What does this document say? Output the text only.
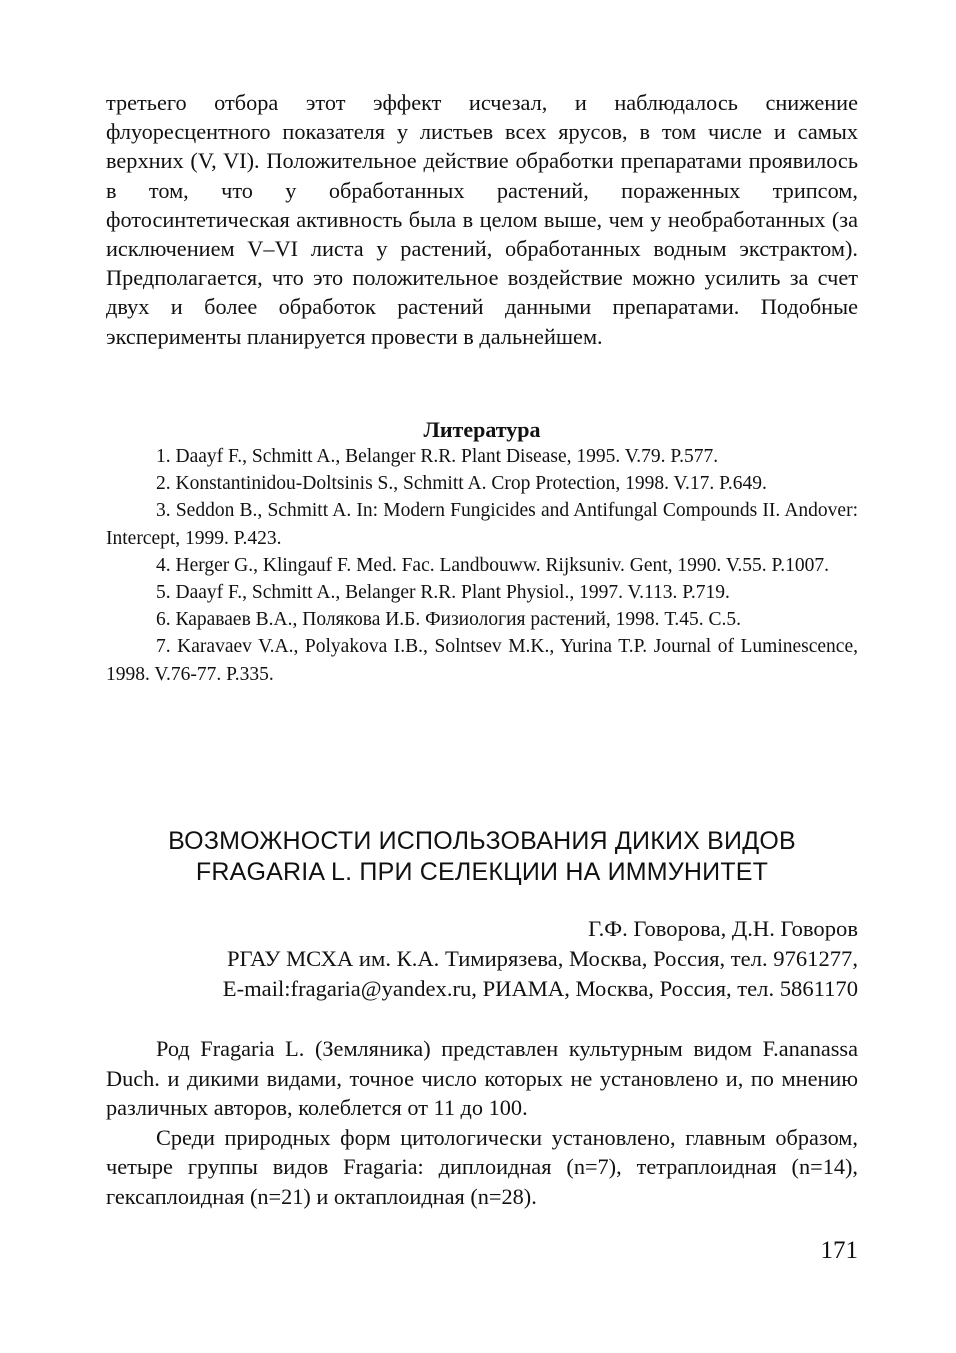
третьего отбора этот эффект исчезал, и наблюдалось снижение флуоресцентного показателя у листьев всех ярусов, в том числе и самых верхних (V, VI). Положительное действие обработки препаратами проявилось в том, что у обработанных растений, пораженных трипсом, фотосинтетическая активность была в целом выше, чем у необработанных (за исключением V–VI листа у растений, обработанных водным экстрактом). Предполагается, что это положительное воздействие можно усилить за счет двух и более обработок растений данными препаратами. Подобные эксперименты планируется провести в дальнейшем.

Литература

1. Daayf F., Schmitt A., Belanger R.R. Plant Disease, 1995. V.79. P.577.

2. Konstantinidou-Doltsinis S., Schmitt A. Crop Protection, 1998. V.17. P.649.

3. Seddon B., Schmitt A. In: Modern Fungicides and Antifungal Compounds II. Andover: Intercept, 1999. P.423.

4. Herger G., Klingauf F. Med. Fac. Landbouww. Rijksuniv. Gent, 1990. V.55. P.1007.

5. Daayf F., Schmitt A., Belanger R.R. Plant Physiol., 1997. V.113. P.719.

6. Караваев В.А., Полякова И.Б. Физиология растений, 1998. Т.45. С.5.

7. Karavaev V.A., Polyakova I.B., Solntsev M.K., Yurina T.P. Journal of Luminescence, 1998. V.76-77. P.335.

ВОЗМОЖНОСТИ ИСПОЛЬЗОВАНИЯ ДИКИХ ВИДОВ
FRAGARIA L. ПРИ СЕЛЕКЦИИ НА ИММУНИТЕТ
Г.Ф. Говорова, Д.Н. Говоров
РГАУ МСХА им. К.А. Тимирязева, Москва, Россия, тел. 9761277,
E-mail:fragaria@yandex.ru, РИАМА, Москва, Россия, тел. 5861170

Род Fragaria L. (Земляника) представлен культурным видом F.ananassa Duch. и дикими видами, точное число которых не установлено и, по мнению различных авторов, колеблется от 11 до 100.

Среди природных форм цитологически установлено, главным образом, четыре группы видов Fragaria: диплоидная (n=7), тетраплоидная (n=14), гексаплоидная (n=21) и октаплоидная (n=28).

171
